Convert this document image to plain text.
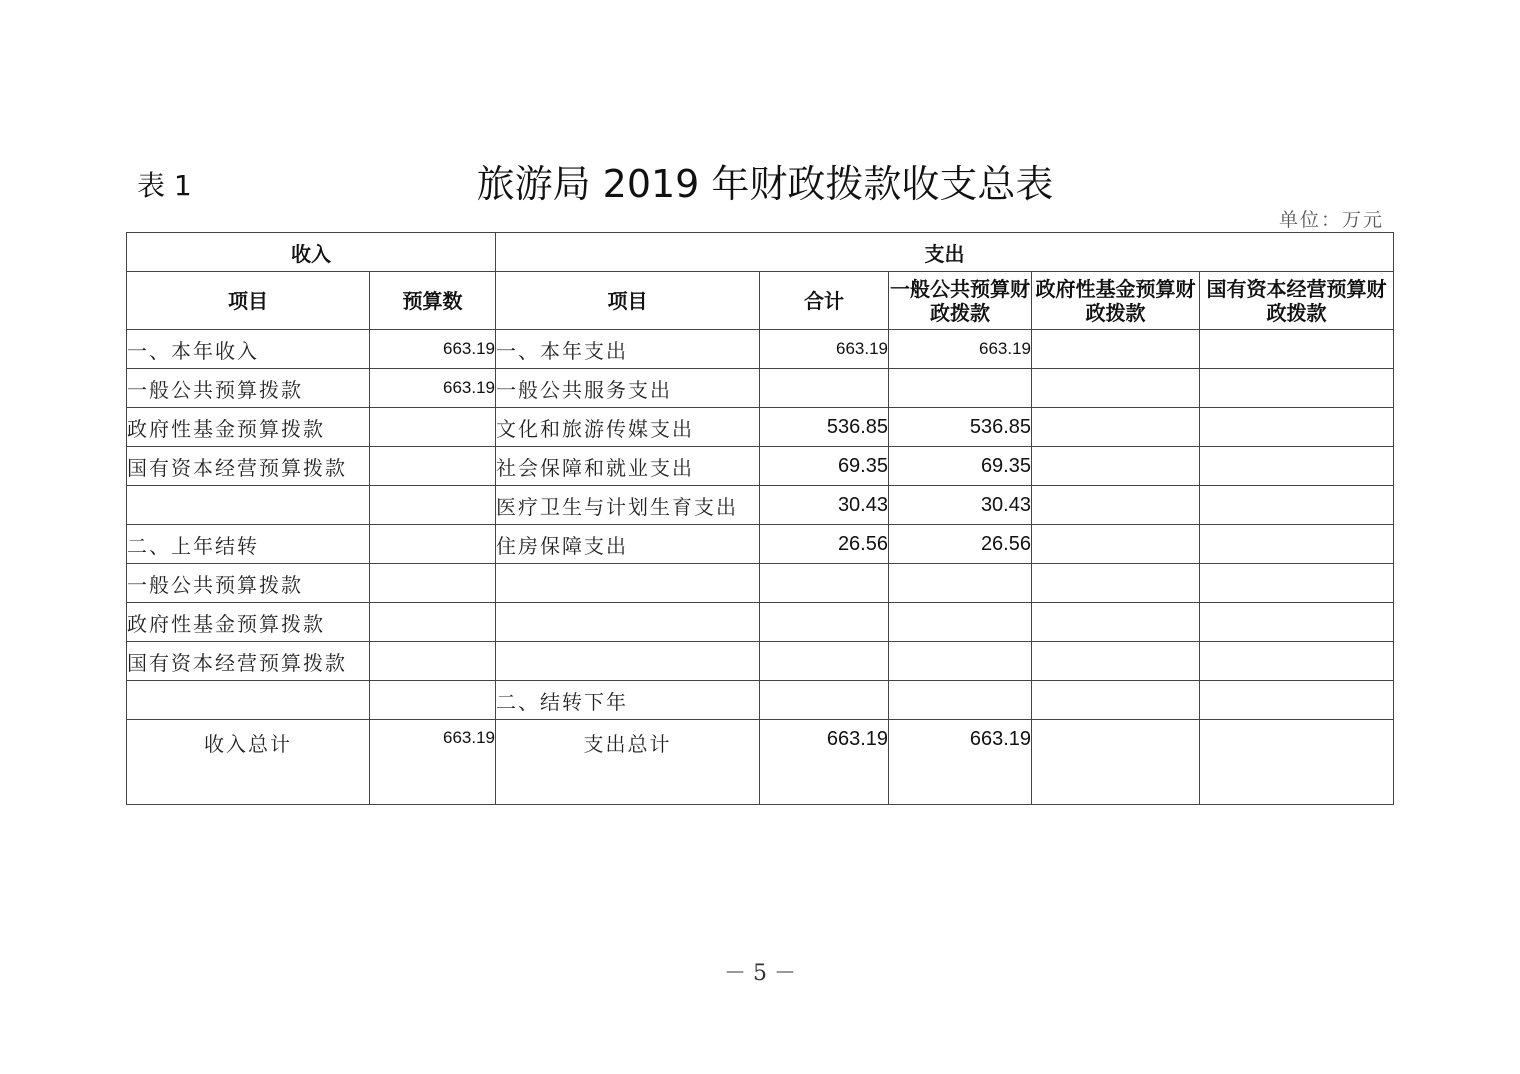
表 1	旅游局 2019 年财政拨款收支总表
单位：万元
收入		支出				
项目	预算数	项目	合计	一般公共预算财政拨款	政府性基金预算财政拨款	国有资本经营预算财政拨款
一、本年收入	663.19	一、本年支出	663.19	663.19		
一般公共预算拨款	663.19	一般公共服务支出				
政府性基金预算拨款		文化和旅游传媒支出	536.85	536.85		
国有资本经营预算拨款		社会保障和就业支出	69.35	69.35		
		医疗卫生与计划生育支出	30.43	30.43		
二、上年结转		住房保障支出	26.56	26.56		
一般公共预算拨款						
政府性基金预算拨款						
国有资本经营预算拨款						
		二、结转下年				
收入总计	663.19	支出总计	663.19	663.19		
－ 5 －
